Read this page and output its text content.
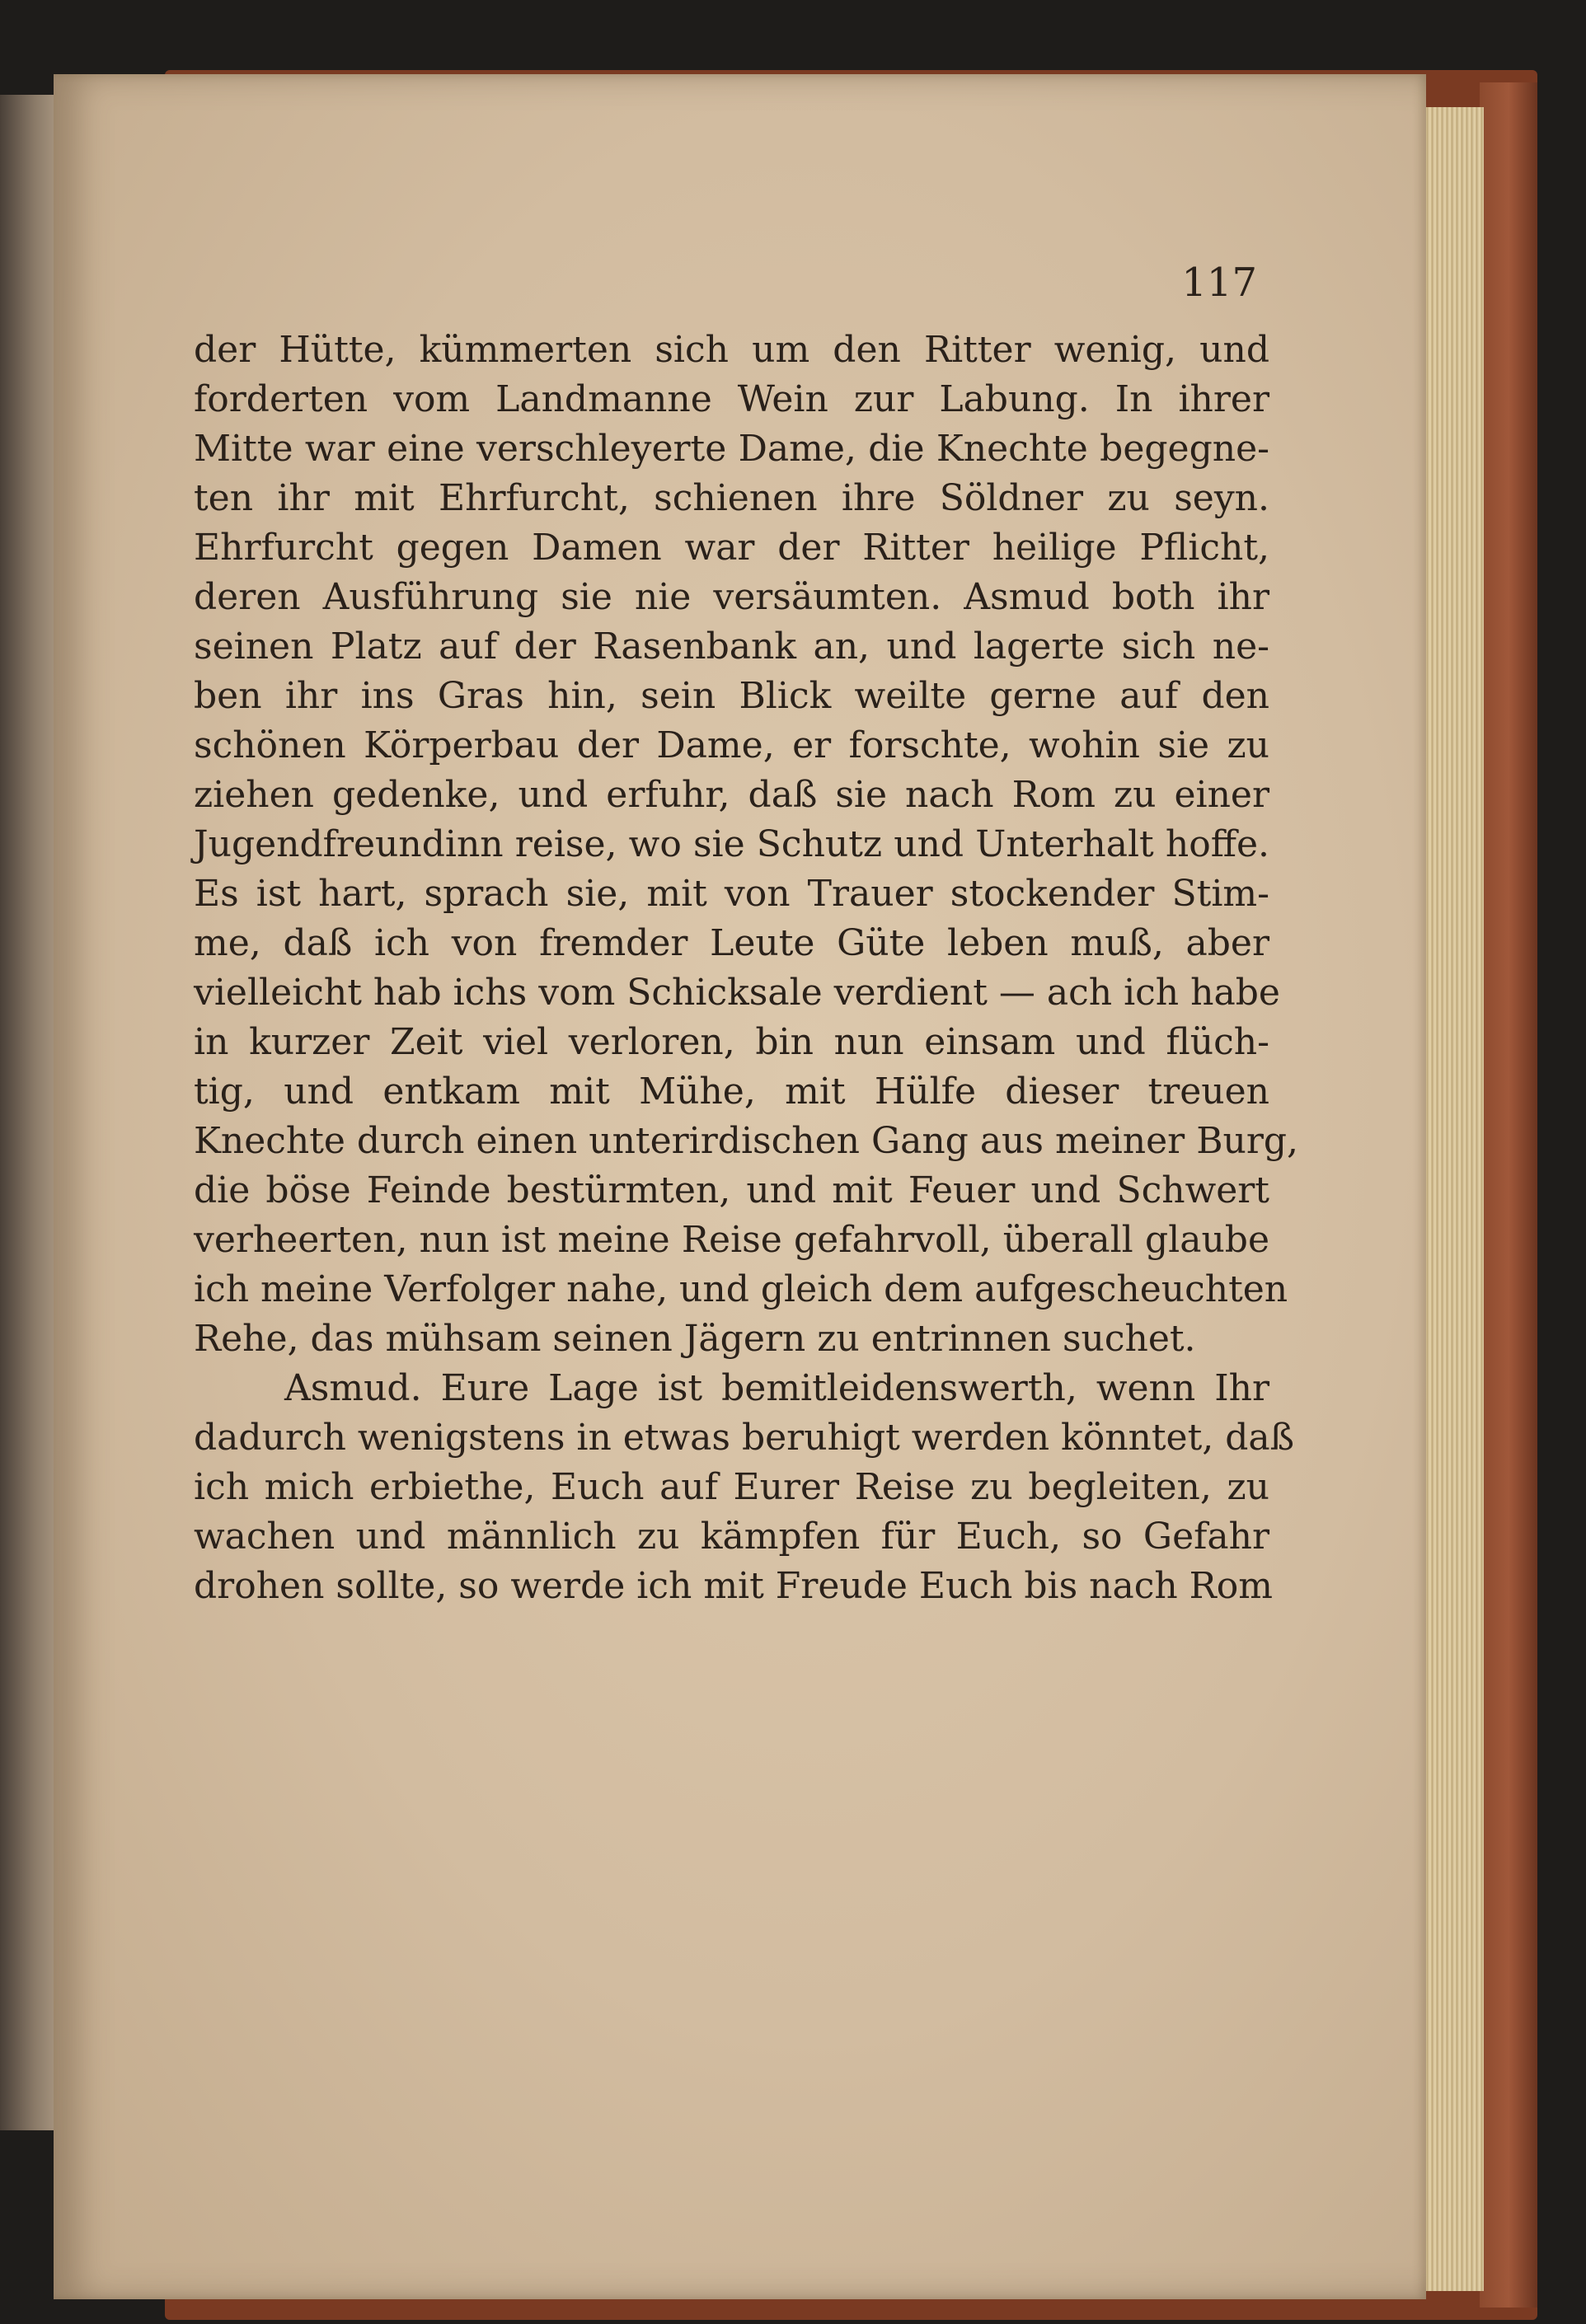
117
der Hütte, kümmerten sich um den Ritter wenig, und
forderten vom Landmanne Wein zur Labung. In ihrer
Mitte war eine verschleyerte Dame, die Knechte begegne-
ten ihr mit Ehrfurcht, schienen ihre Söldner zu seyn.
Ehrfurcht gegen Damen war der Ritter heilige Pflicht,
deren Ausführung sie nie versäumten. Asmud both ihr
seinen Platz auf der Rasenbank an, und lagerte sich ne-
ben ihr ins Gras hin, sein Blick weilte gerne auf den
schönen Körperbau der Dame, er forschte, wohin sie zu
ziehen gedenke, und erfuhr, daß sie nach Rom zu einer
Jugendfreundinn reise, wo sie Schutz und Unterhalt hoffe.
Es ist hart, sprach sie, mit von Trauer stockender Stim-
me, daß ich von fremder Leute Güte leben muß, aber
vielleicht hab ichs vom Schicksale verdient — ach ich habe
in kurzer Zeit viel verloren, bin nun einsam und flüch-
tig, und entkam mit Mühe, mit Hülfe dieser treuen
Knechte durch einen unterirdischen Gang aus meiner Burg,
die böse Feinde bestürmten, und mit Feuer und Schwert
verheerten, nun ist meine Reise gefahrvoll, überall glaube
ich meine Verfolger nahe, und gleich dem aufgescheuchten
Rehe, das mühsam seinen Jägern zu entrinnen suchet.
Asmud. Eure Lage ist bemitleidenswerth, wenn Ihr
dadurch wenigstens in etwas beruhigt werden könntet, daß
ich mich erbiethe, Euch auf Eurer Reise zu begleiten, zu
wachen und männlich zu kämpfen für Euch, so Gefahr
drohen sollte, so werde ich mit Freude Euch bis nach Rom
